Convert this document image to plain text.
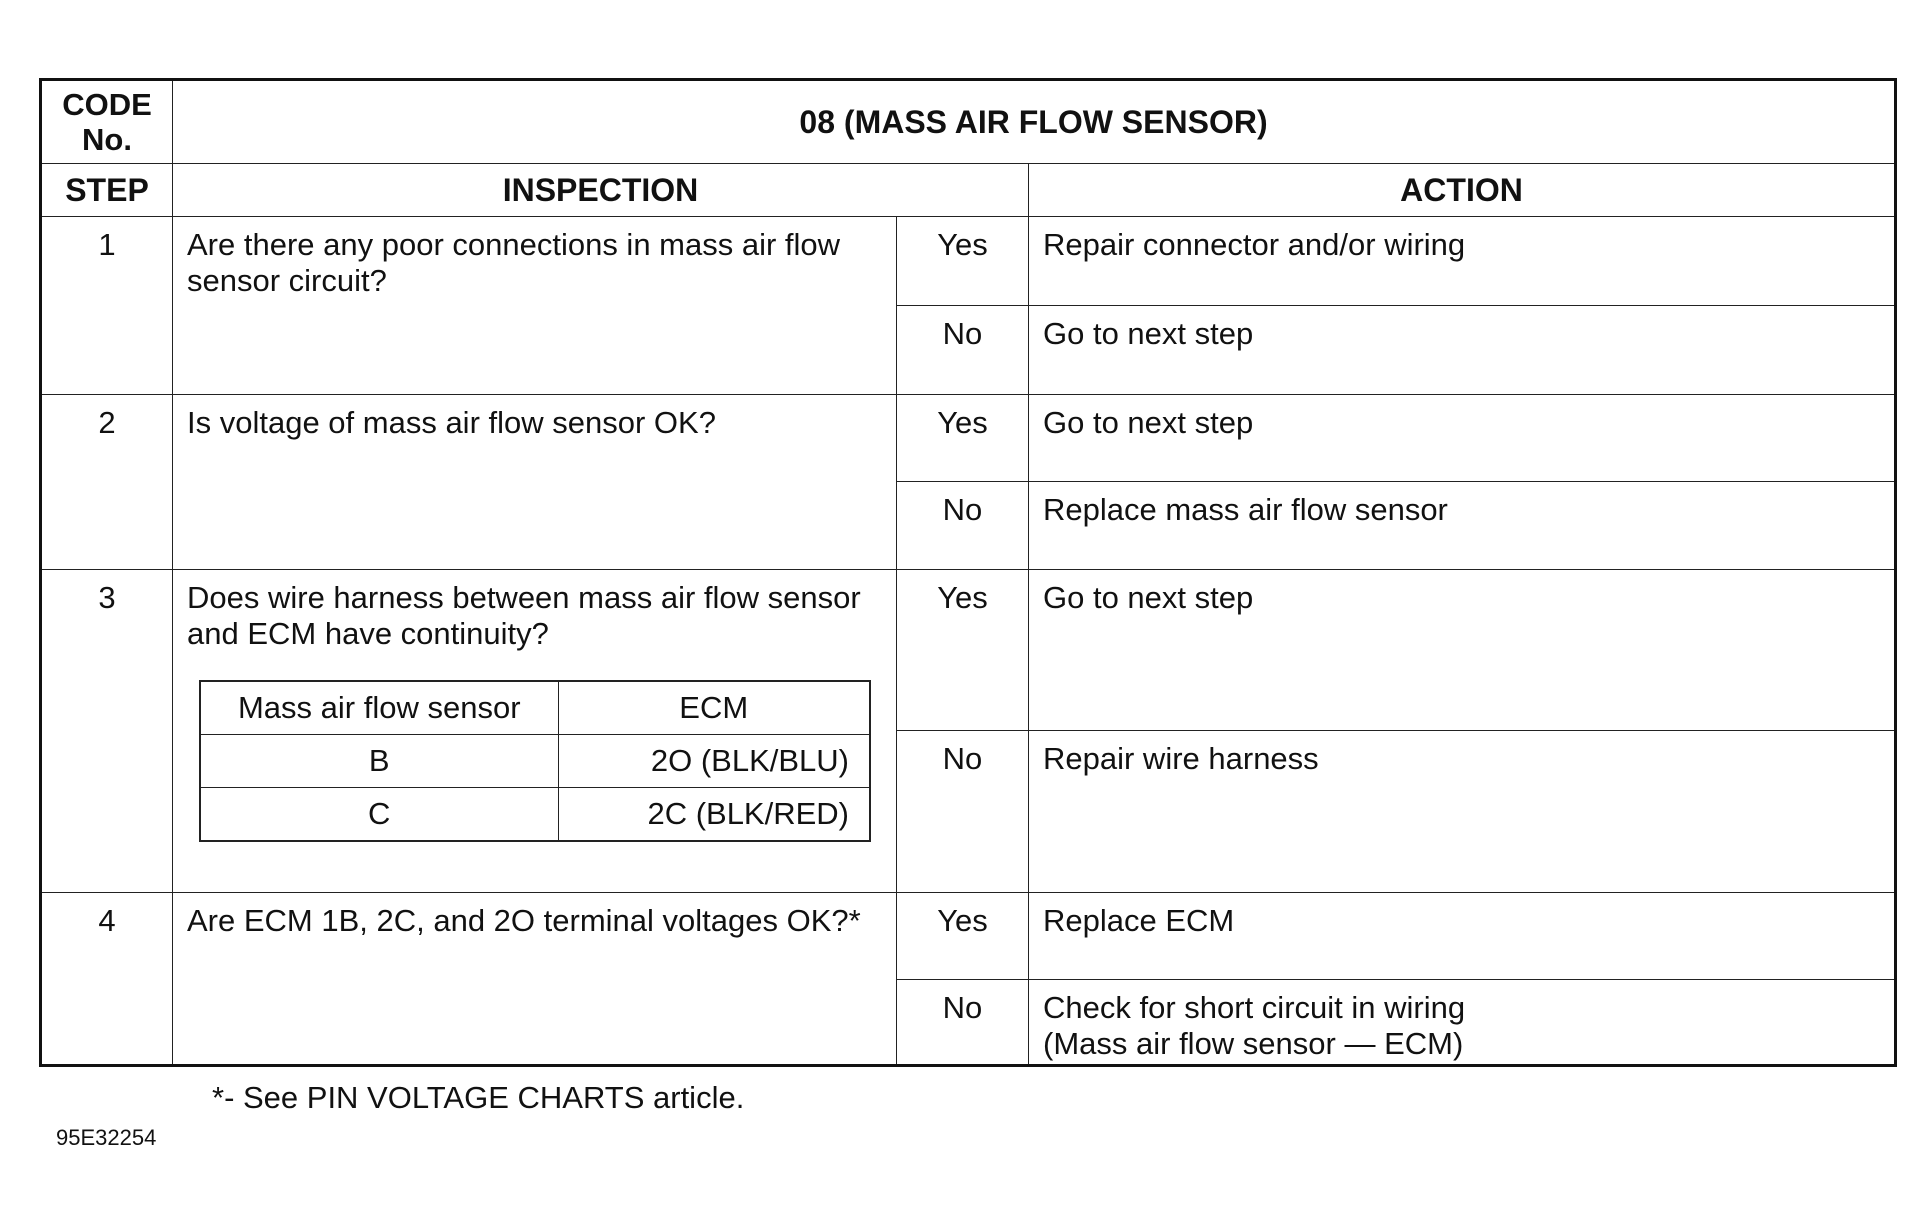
CODE
No.	08 (MASS AIR FLOW SENSOR)
STEP	INSPECTION	ACTION
1	Are there any poor connections in mass air flow sensor circuit?	Yes	Repair connector and/or wiring
No	Go to next step
2	Is voltage of mass air flow sensor OK?	Yes	Go to next step
No	Replace mass air flow sensor
3	Does wire harness between mass air flow sensor and ECM have continuity?
Mass air flow sensor	ECM
B	2O (BLK/BLU)
C	2C (BLK/RED)
	Yes	Go to next step
No	Repair wire harness
4	Are ECM 1B, 2C, and 2O terminal voltages OK?*	Yes	Replace ECM
No	Check for short circuit in wiring
(Mass air flow sensor — ECM)
*- See PIN VOLTAGE CHARTS article.
95E32254
